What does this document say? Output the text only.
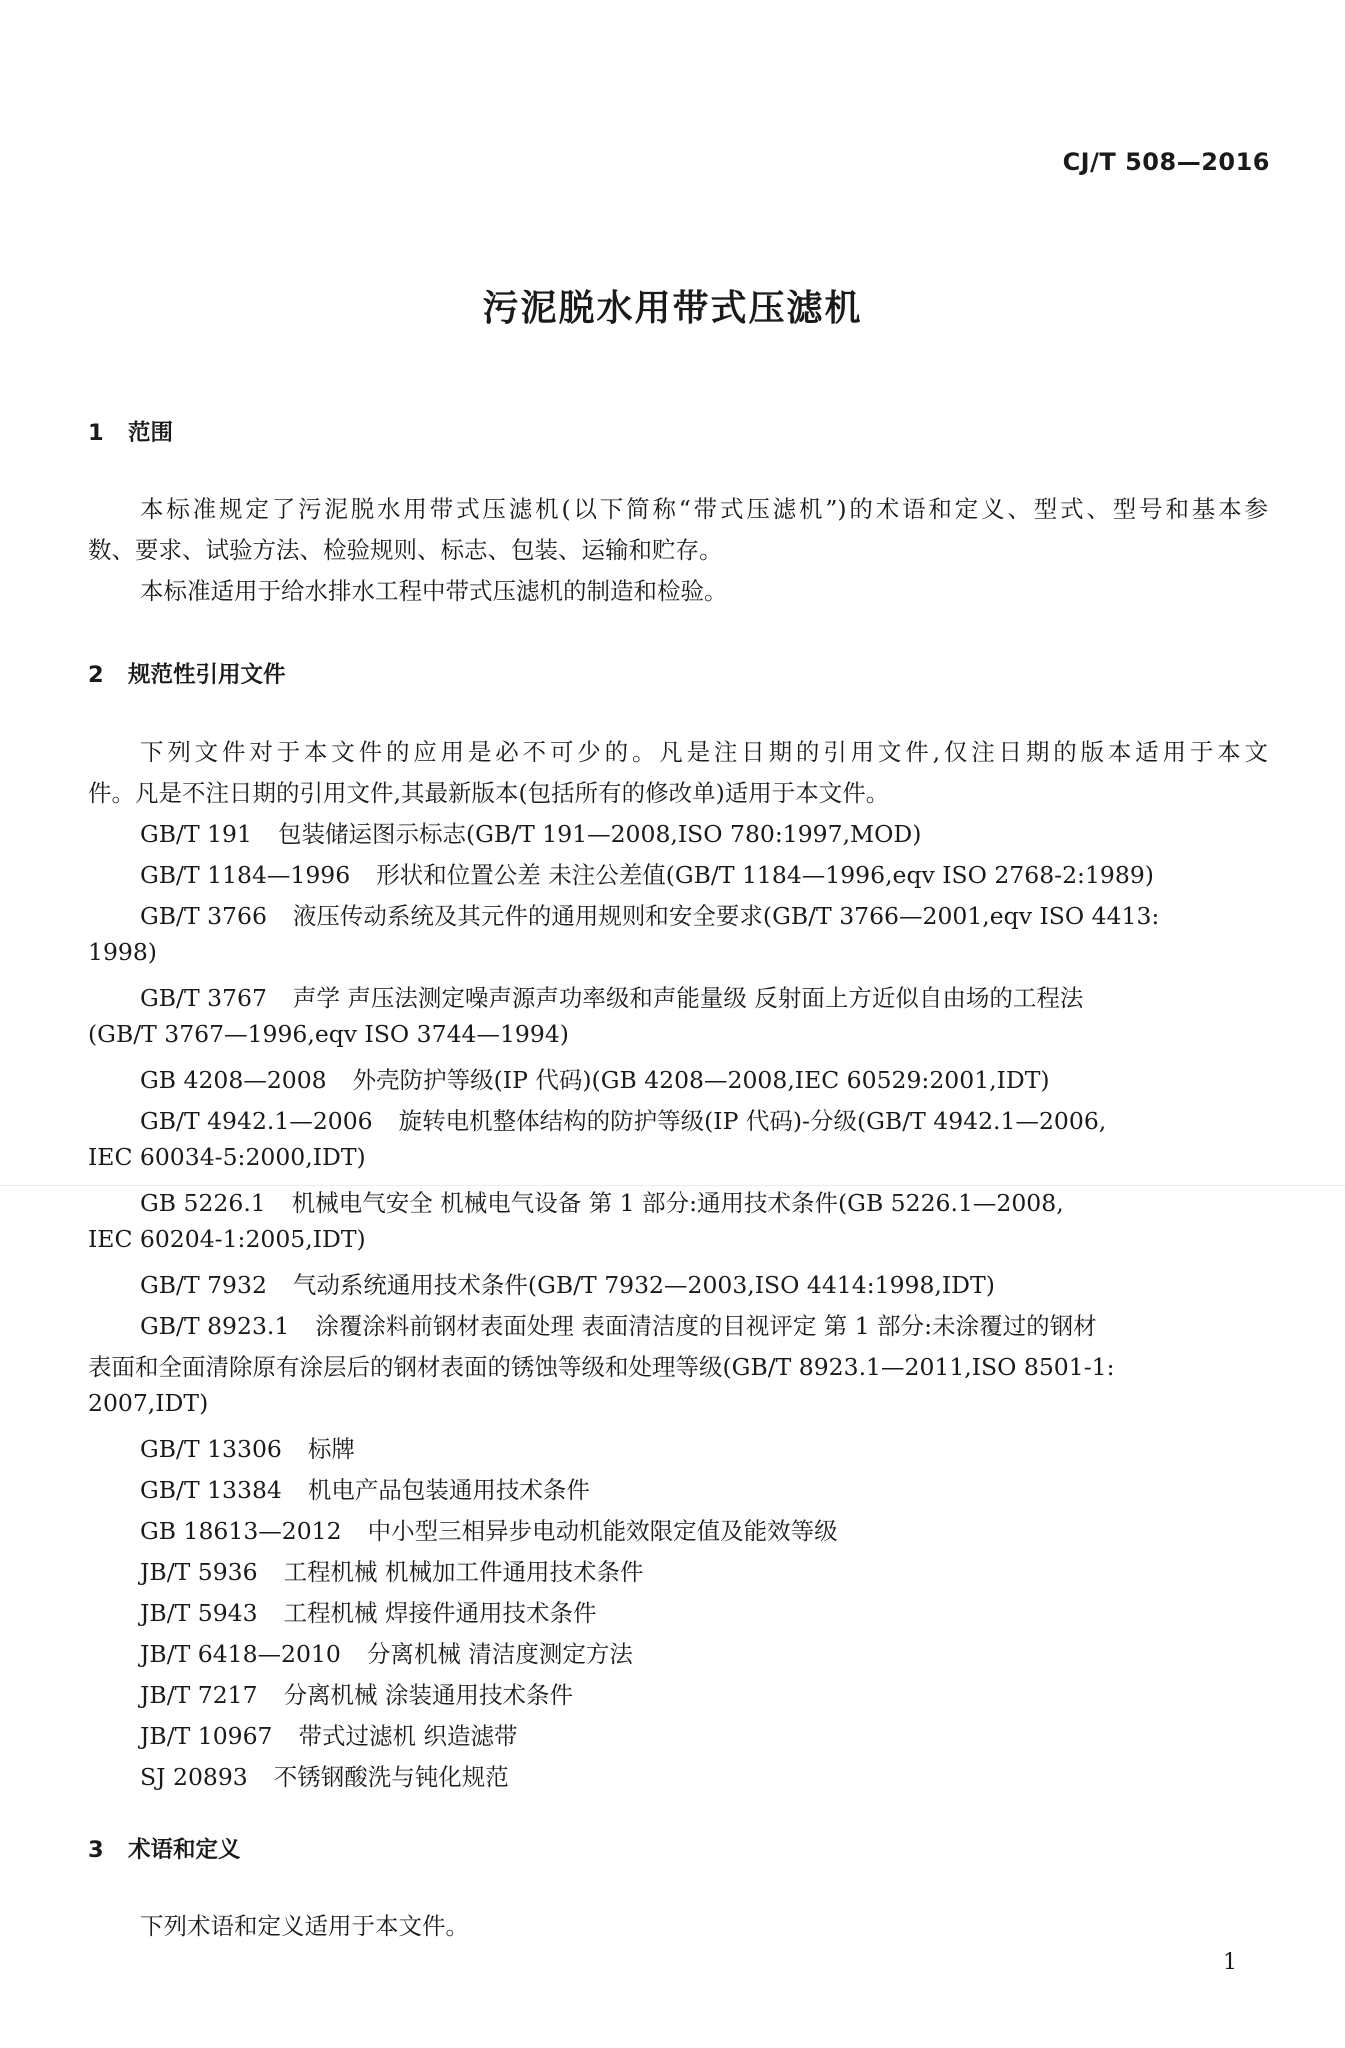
CJ/T 508—2016
污泥脱水用带式压滤机
1 范围
本标准规定了污泥脱水用带式压滤机(以下简称“带式压滤机”)的术语和定义、型式、型号和基本参
数、要求、试验方法、检验规则、标志、包装、运输和贮存。
本标准适用于给水排水工程中带式压滤机的制造和检验。
2 规范性引用文件
下列文件对于本文件的应用是必不可少的。凡是注日期的引用文件,仅注日期的版本适用于本文
件。凡是不注日期的引用文件,其最新版本(包括所有的修改单)适用于本文件。
GB/T 191 包装储运图示标志(GB/T 191—2008,ISO 780:1997,MOD)
GB/T 1184—1996 形状和位置公差 未注公差值(GB/T 1184—1996,eqv ISO 2768-2:1989)
GB/T 3766 液压传动系统及其元件的通用规则和安全要求(GB/T 3766—2001,eqv ISO 4413:
1998)
GB/T 3767 声学 声压法测定噪声源声功率级和声能量级 反射面上方近似自由场的工程法
(GB/T 3767—1996,eqv ISO 3744—1994)
GB 4208—2008 外壳防护等级(IP 代码)(GB 4208—2008,IEC 60529:2001,IDT)
GB/T 4942.1—2006 旋转电机整体结构的防护等级(IP 代码)-分级(GB/T 4942.1—2006,
IEC 60034-5:2000,IDT)
GB 5226.1 机械电气安全 机械电气设备 第 1 部分:通用技术条件(GB 5226.1—2008,
IEC 60204-1:2005,IDT)
GB/T 7932 气动系统通用技术条件(GB/T 7932—2003,ISO 4414:1998,IDT)
GB/T 8923.1 涂覆涂料前钢材表面处理 表面清洁度的目视评定 第 1 部分:未涂覆过的钢材
表面和全面清除原有涂层后的钢材表面的锈蚀等级和处理等级(GB/T 8923.1—2011,ISO 8501-1:
2007,IDT)
GB/T 13306 标牌
GB/T 13384 机电产品包装通用技术条件
GB 18613—2012 中小型三相异步电动机能效限定值及能效等级
JB/T 5936 工程机械 机械加工件通用技术条件
JB/T 5943 工程机械 焊接件通用技术条件
JB/T 6418—2010 分离机械 清洁度测定方法
JB/T 7217 分离机械 涂装通用技术条件
JB/T 10967 带式过滤机 织造滤带
SJ 20893 不锈钢酸洗与钝化规范
3 术语和定义
下列术语和定义适用于本文件。
1
